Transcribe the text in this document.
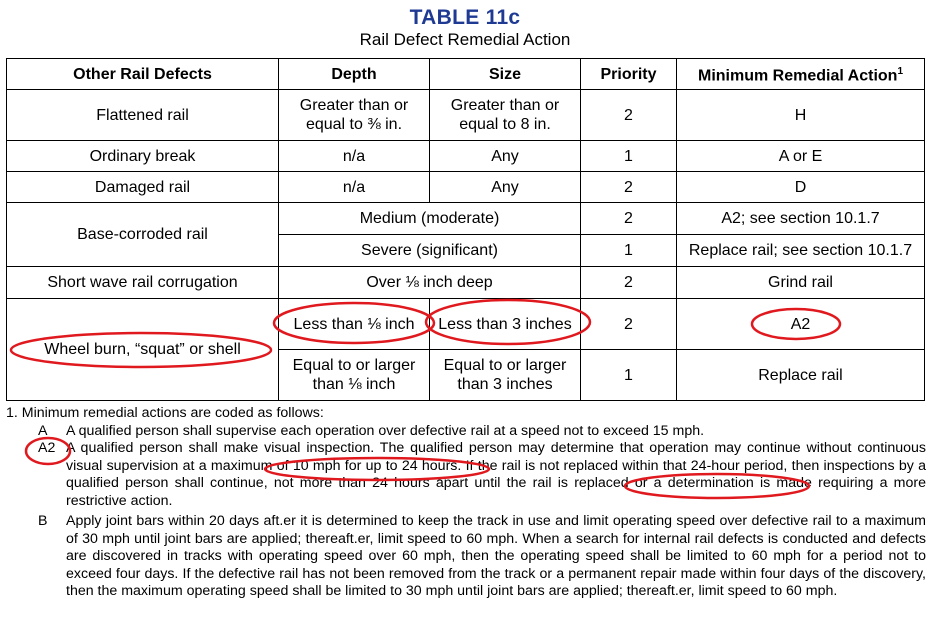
TABLE 11c
Rail Defect Remedial Action
Other Rail Defects	Depth	Size	Priority	Minimum Remedial Action$^1$
Flattened rail	Greater than or equal to ⅜ in.	Greater than or equal to 8 in.	2	H
Ordinary break	n/a	Any	1	A or E
Damaged rail	n/a	Any	2	D
Base-corroded rail	Medium (moderate)		2	A2; see section 10.1.7
	Severe (significant)		1	Replace rail; see section 10.1.7
Short wave rail corrugation	Over ⅛ inch deep		2	Grind rail
Wheel burn, “squat” or shell	Less than ⅛ inch	Less than 3 inches	2	A2
	Equal to or larger than ⅛ inch	Equal to or larger than 3 inches	1	Replace rail

1. Minimum remedial actions are coded as follows:

A	A qualified person shall supervise each operation over defective rail at a speed not to exceed 15 mph.
A2 A qualified person shall make visual inspection. The qualified person may determine that operation may continue without continuous visual supervision at a maximum of 10 mph for up to 24 hours. If the rail is not replaced within that 24-hour period, then inspections by a qualified person shall continue, not more than 24 hours apart until the rail is replaced or a determination is made requiring a more restrictive action.
B	Apply joint bars within 20 days aft.er it is determined to keep the track in use and limit operating speed over defective rail to a maximum of 30 mph until joint bars are applied; thereaft.er, limit speed to 60 mph. When a search for internal rail defects is conducted and defects are discovered in tracks with operating speed over 60 mph, then the operating speed shall be limited to 60 mph for a period not to exceed four days. If the defective rail has not been removed from the track or a permanent repair made within four days of the discovery, then the maximum operating speed shall be limited to 30 mph until joint bars are applied; thereaft.er, limit speed to 60 mph.
